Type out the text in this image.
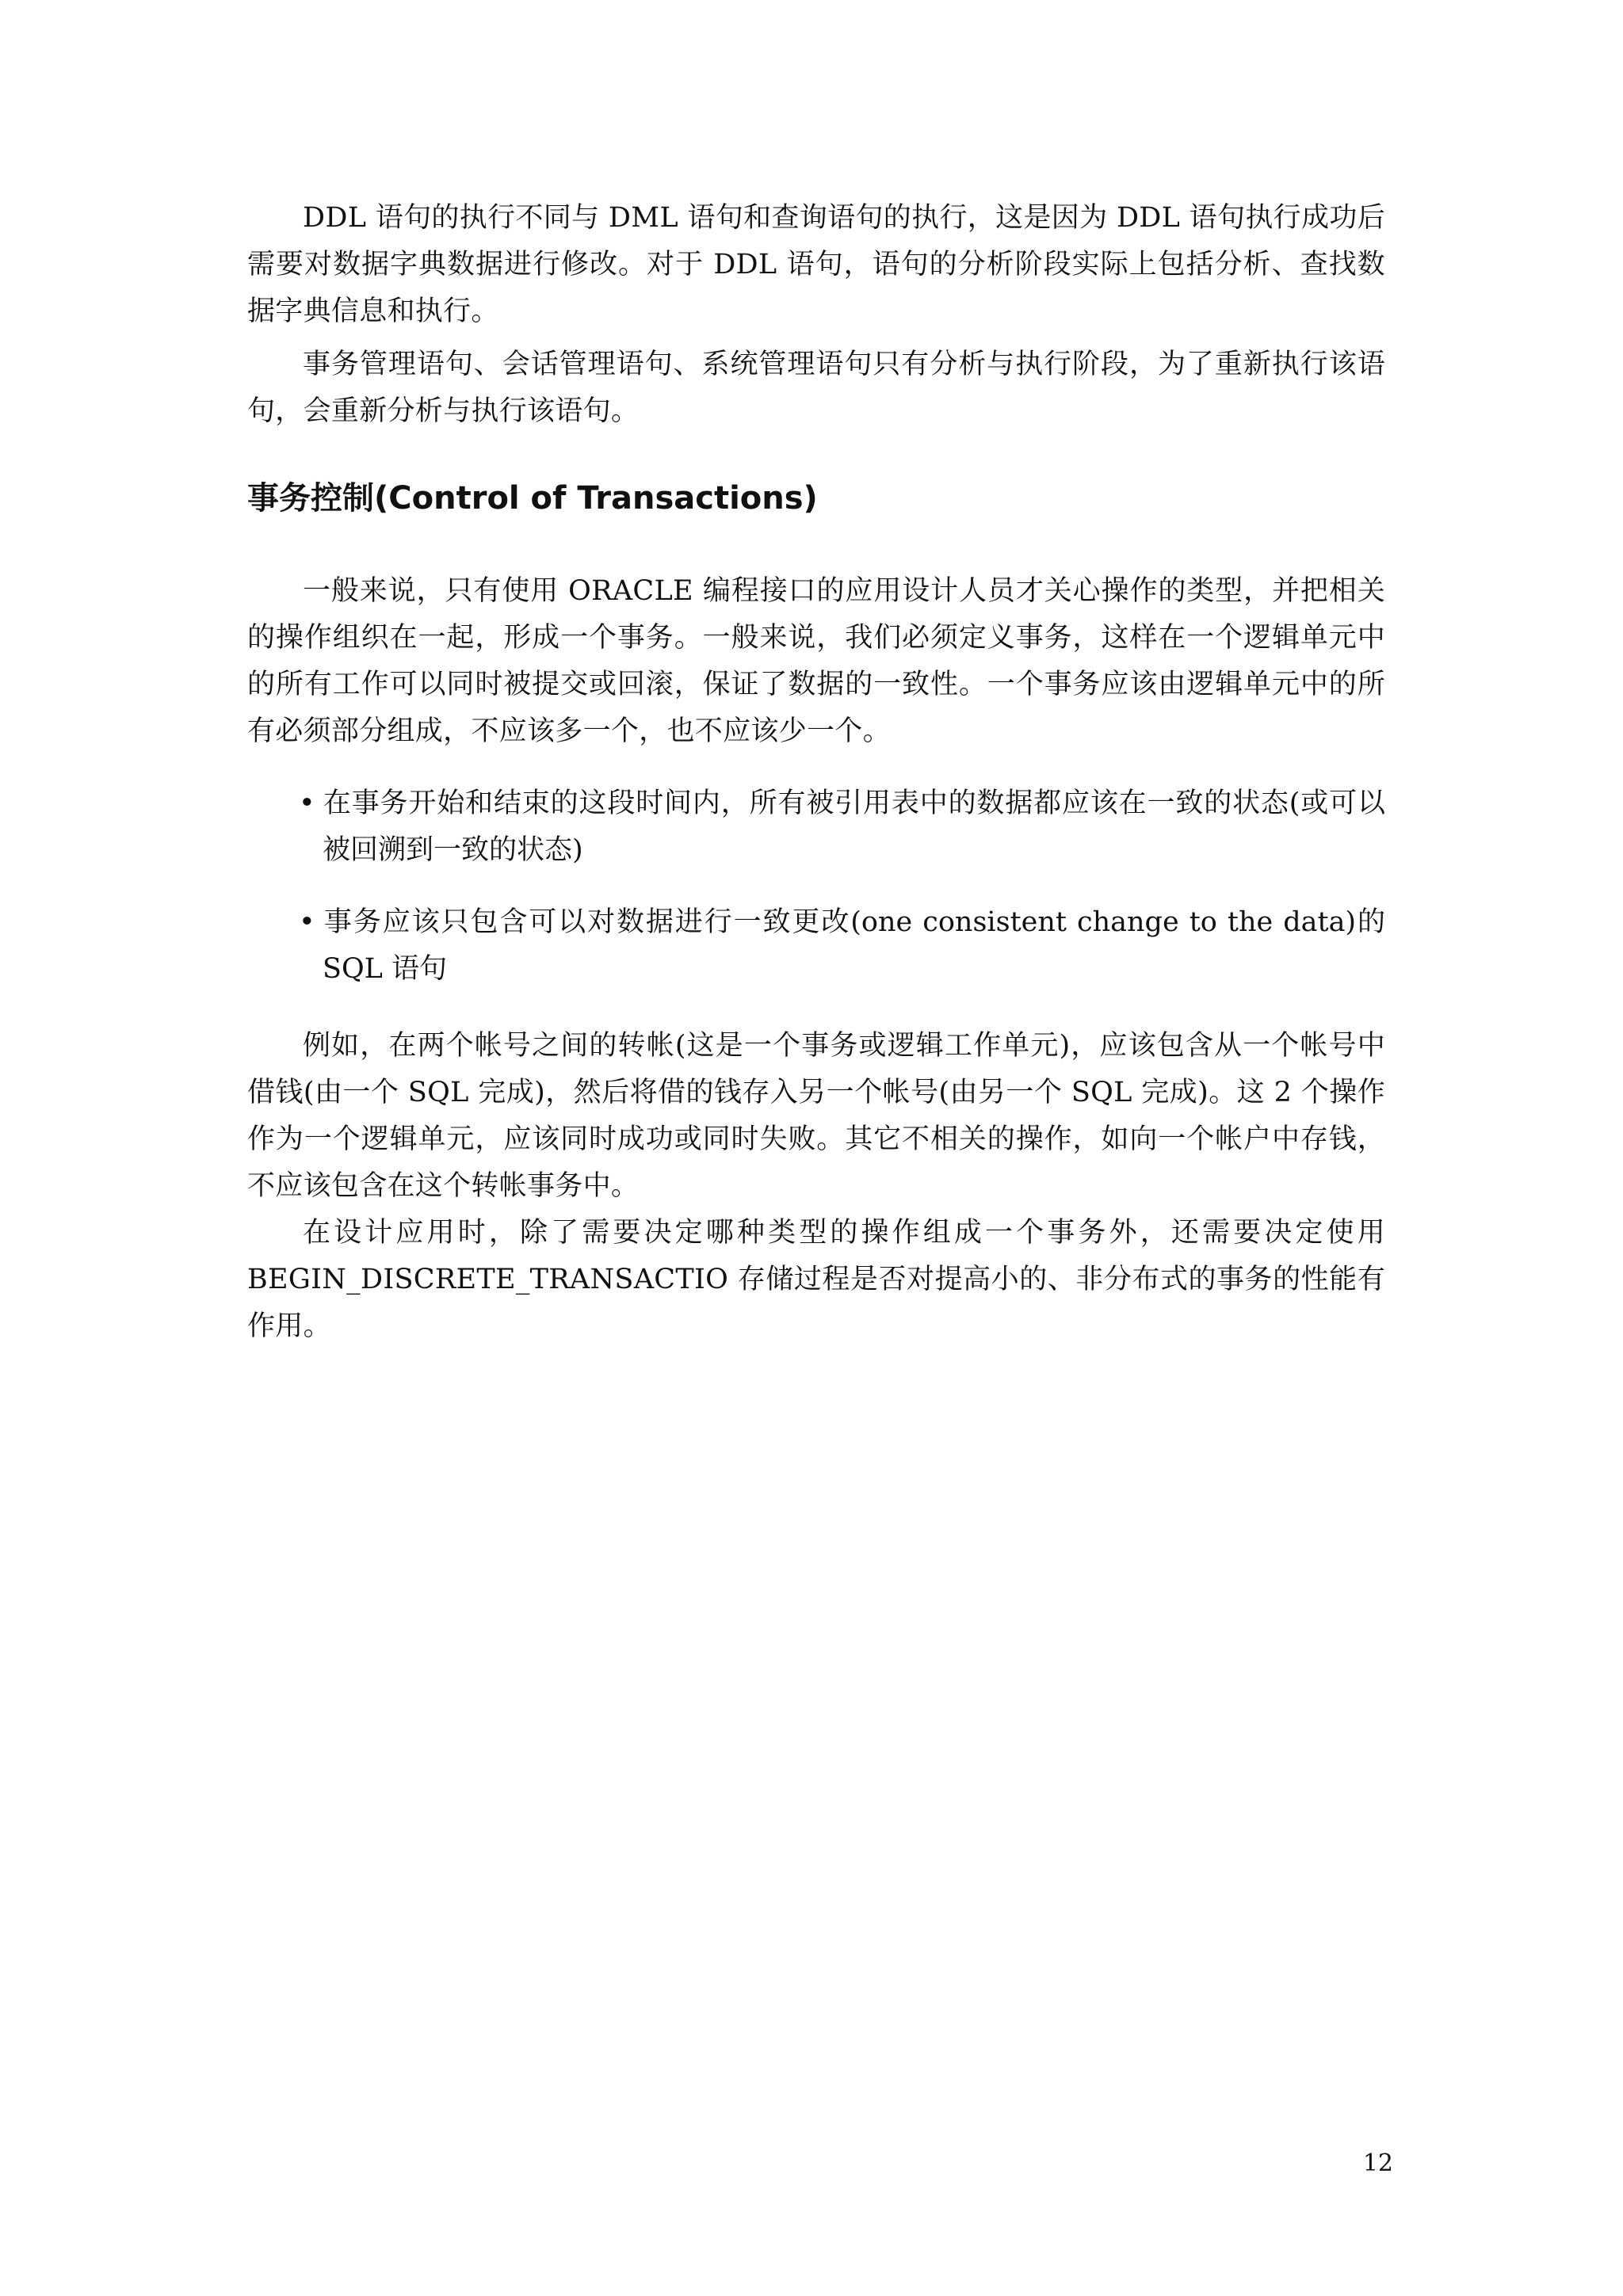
DDL 语句的执行不同与 DML 语句和查询语句的执行，这是因为 DDL 语句执行成功后需要对数据字典数据进行修改。对于 DDL 语句，语句的分析阶段实际上包括分析、查找数据字典信息和执行。

事务管理语句、会话管理语句、系统管理语句只有分析与执行阶段，为了重新执行该语句，会重新分析与执行该语句。

事务控制(Control of Transactions)

一般来说，只有使用 ORACLE 编程接口的应用设计人员才关心操作的类型，并把相关的操作组织在一起，形成一个事务。一般来说，我们必须定义事务，这样在一个逻辑单元中的所有工作可以同时被提交或回滚，保证了数据的一致性。一个事务应该由逻辑单元中的所有必须部分组成，不应该多一个，也不应该少一个。

• 在事务开始和结束的这段时间内，所有被引用表中的数据都应该在一致的状态(或可以被回溯到一致的状态)
• 事务应该只包含可以对数据进行一致更改(one consistent change to the data)的 SQL 语句

例如，在两个帐号之间的转帐(这是一个事务或逻辑工作单元)，应该包含从一个帐号中借钱(由一个 SQL 完成)，然后将借的钱存入另一个帐号(由另一个 SQL 完成)。这 2 个操作作为一个逻辑单元，应该同时成功或同时失败。其它不相关的操作，如向一个帐户中存钱，不应该包含在这个转帐事务中。

在设计应用时，除了需要决定哪种类型的操作组成一个事务外，还需要决定使用 BEGIN_DISCRETE_TRANSACTIO 存储过程是否对提高小的、非分布式的事务的性能有作用。

12
